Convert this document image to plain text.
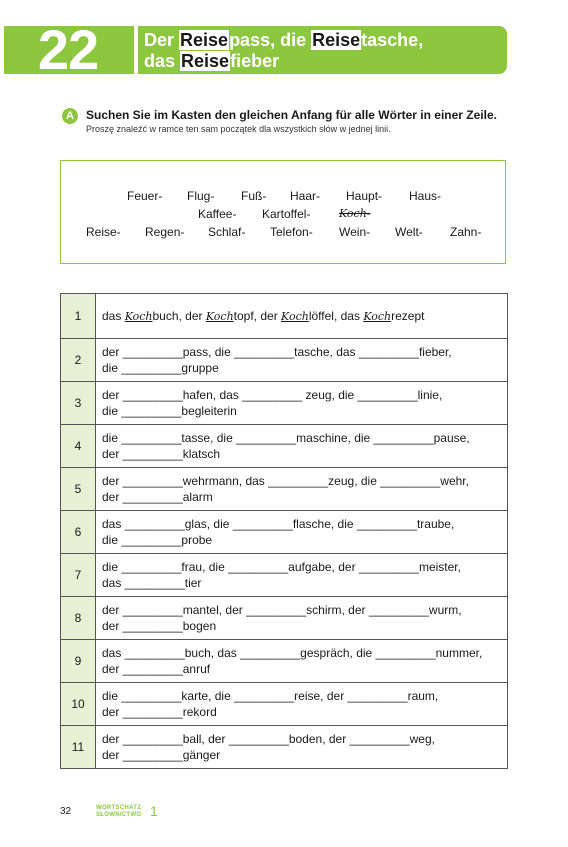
22	Der Reisepass, die Reisetasche,
das Reisefieber
A	Suchen Sie im Kasten den gleichen Anfang für alle Wörter in einer Zeile.
Proszę znaleźć w ramce ten sam początek dla wszystkich słów w jednej linii.
Feuer- Flug- Fuß- Haar- Haupt- Haus-
Kaffee- Kartoffel-	Koch-
Reise- Regen- Schlaf- Telefon- Wein- Welt- Zahn-
1	das Kochbuch, der Kochtopf, der Kochlöffel, das Kochrezept
2	der _________pass, die _________tasche, das _________fieber,
die _________gruppe
3	der _________hafen, das _________ zeug, die _________linie,
die _________begleiterin
4	die _________tasse, die _________maschine, die _________pause,
der _________klatsch
5	der _________wehrmann, das _________zeug, die _________wehr,
der _________alarm
6	das _________glas, die _________flasche, die _________traube,
die _________probe
7	die _________frau, die _________aufgabe, der _________meister,
das _________tier
8	der _________mantel, der _________schirm, der _________wurm,
der _________bogen
9	das _________buch, das _________gespräch, die _________nummer,
der _________anruf
10	die _________karte, die _________reise, der _________raum,
der _________rekord
11	der _________ball, der _________boden, der _________weg,
der _________gänger
32	WORTSCHATZ
SŁOWNICTWO 1
